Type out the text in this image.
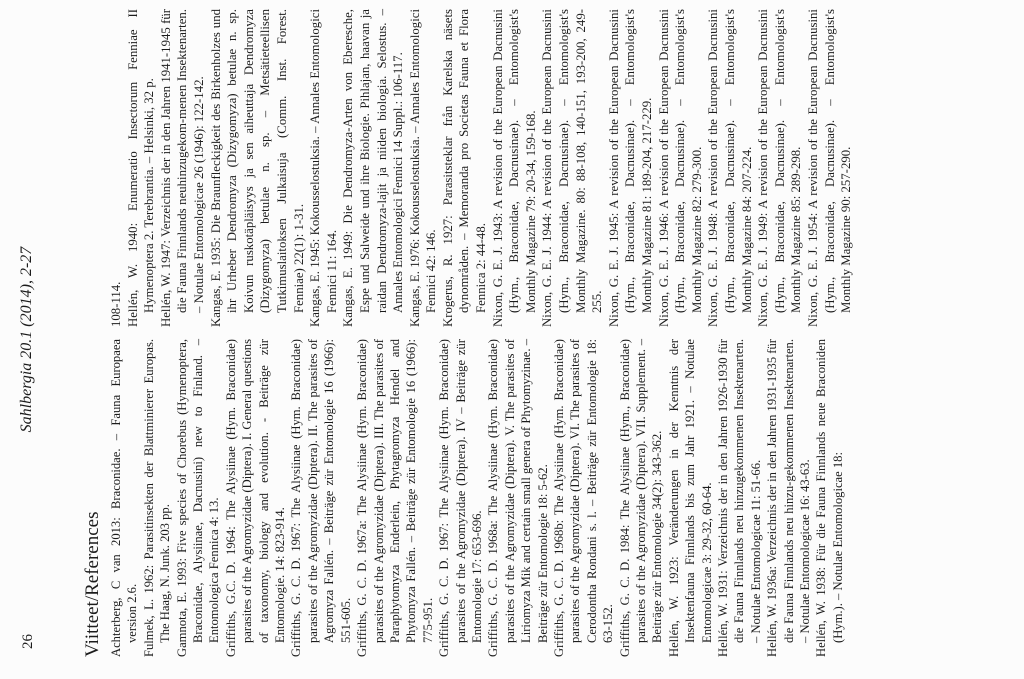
26
Sahlbergia 20.1 (2014), 2-27
Viitteet/References Achterberg, C van 2013: Braconidae. – Fauna Europaea version 2.6. Fulmek, L. 1962: Parasitinsekten der Blattminierer Europas. The Haag, N. Junk. 203 pp. Gamnota, E. 1993: Five species of Chorebus (Hymenoptera, Braconidae, Alysiinae, Dacnusini) new to Finland. – Entomologica Fennica 4: 13. Griffiths, G.C. D. 1964: The Alysiinae (Hym. Braconidae) parasites of the Agromyzidae (Diptera). I. General questions of taxonomy, biology and evolution. - Beiträge zür Entomologie. 14: 823-914. Griffiths, G. C. D. 1967: The Alysiinae (Hym. Braconidae) parasites of the Agromyzidae (Diptera). II. The parasites of Agromyza Fallén. – Beiträge zür Entomologie 16 (1966): 551-605. Griffiths, G. C. D. 1967a: The Alysiinae (Hym. Braconidae) parasites of the Agromyzidae (Diptera). III. The parasites of Paraphytomyza Enderlein, Phytagromyza Hendel and Phytomyza Fallén. – Beiträge zür Entomologie 16 (1966): 775-951. Griffiths, G. C. D. 1967: The Alysiinae (Hym. Braconidae) parasites of the Agromyzidae (Diptera). IV – Beiträge zür Entomologie 17: 653-696. Griffiths, G. C. D. 1968a: The Alysiinae (Hym. Braconidae) parasites of the Agromyzidae (Diptera). V. The parasites of Liriomyza Mik and certain small genera of Phytomyzinae. – Beiträge zür Entomologie 18: 5-62. Griffiths, G. C. D. 1968b: The Alysiinae (Hym. Braconidae) parasites of the Agromyzidae (Diptera). VI. The parasites of Cerodontha Rondani s. l. – Beiträge zür Entomologie 18: 63-152. Griffiths, G. C. D. 1984: The Alysiinae (Hym., Braconidae) parasites of the Agromyzidae (Diptera). VII. Supplement. – Beiträge zür Entomologie 34(2): 343-362. Hellén, W. 1923: Veränderungen in der Kenntnis der Insektenfauna Finnlands bis zum Jahr 1921. – Notulae Entomologicae 3: 29-32, 60-64. Hellén, W. 1931: Verzeichnis der in den Jahren 1926-1930 für die Fauna Finnlands neu hinzugekommenen Insektenarten. – Notulae Entomologicae 11: 51-66. Hellén, W. 1936a: Verzeichnis der in den Jahren 1931-1935 für die Fauna Finnlands neu hinzu-gekommenen Insektenarten. – Notulae Entomologicae 16: 43-63. Hellén, W. 1938: Für die Fauna Finnlands neue Braconiden (Hym.). – Notulae Entomologicae 18:
108-114. Hellén, W. 1940: Enumeratio Insectorum Fenniae II Hymenoptera 2. Terebrantia. – Helsinki, 32 p. Hellén, W. 1947: Verzeichnis der in den Jahren 1941-1945 für die Fauna Finnlands neuhinzugekom-menen Insektenarten. – Notulae Entomologicae 26 (1946): 122-142. Kangas, E. 1935: Die Braunfleckigkeit des Birkenholzes und ihr Urheber Dendromyza (Dizygomyza) betulae n. sp. Koivun ruskotäpläisyys ja sen aiheuttaja Dendromyza (Dizygomyza) betulae n. sp. – Metsätieteellisen Tutkimuslaitoksen Julkaisuja (Comm. Inst. Forest. Fenniae) 22(1): 1-31. Kangas, E. 1945: Kokousselostuksia. – Annales Entomologici Fennici 11: 164. Kangas, E. 1949: Die Dendromyza-Arten von Eberesche, Espe und Salweide und ihre Biologie. Pihlajan, haavan ja raidan Dendromyza-lajit ja niiden biologia. Selostus. – Annales Entomologici Fennici 14 Suppl.: 106-117. Kangas, E. 1976: Kokousselostuksia. – Annales Entomologici Fennici 42: 146. Krogerus, R. 1927: Parasitsteklar från Karelska näsets dynområden. – Memoranda pro Societas Fauna et Flora Fennica 2: 44-48. Nixon, G. E. J. 1943: A revision of the European Dacnusini (Hym., Braconidae, Dacnusinae). – Entomologist's Monthly Magazine 79: 20-34, 159-168. Nixon, G. E. J. 1944: A revision of the European Dacnusini (Hym., Braconidae, Dacnusinae). – Entomologist's Monthly Magazine. 80: 88-108, 140-151, 193-200, 249-255. Nixon, G. E. J. 1945: A revision of the European Dacnusini (Hym., Braconidae, Dacnusinae). – Entomologist's Monthly Magazine 81: 189-204, 217-229. Nixon, G. E. J. 1946: A revision of the European Dacnusini (Hym., Braconidae, Dacnusinae). – Entomologist's Monthly Magazine 82: 279-300. Nixon, G. E. J. 1948: A revision of the European Dacnusini (Hym., Braconidae, Dacnusinae). – Entomologist's Monthly Magazine 84: 207-224. Nixon, G. E. J. 1949: A revision of the European Dacnusini (Hym., Braconidae, Dacnusinae). – Entomologist's Monthly Magazine 85: 289-298. Nixon, G. E. J. 1954: A revision of the European Dacnusini (Hym., Braconidae, Dacnusinae). – Entomologist's Monthly Magazine 90: 257-290.
